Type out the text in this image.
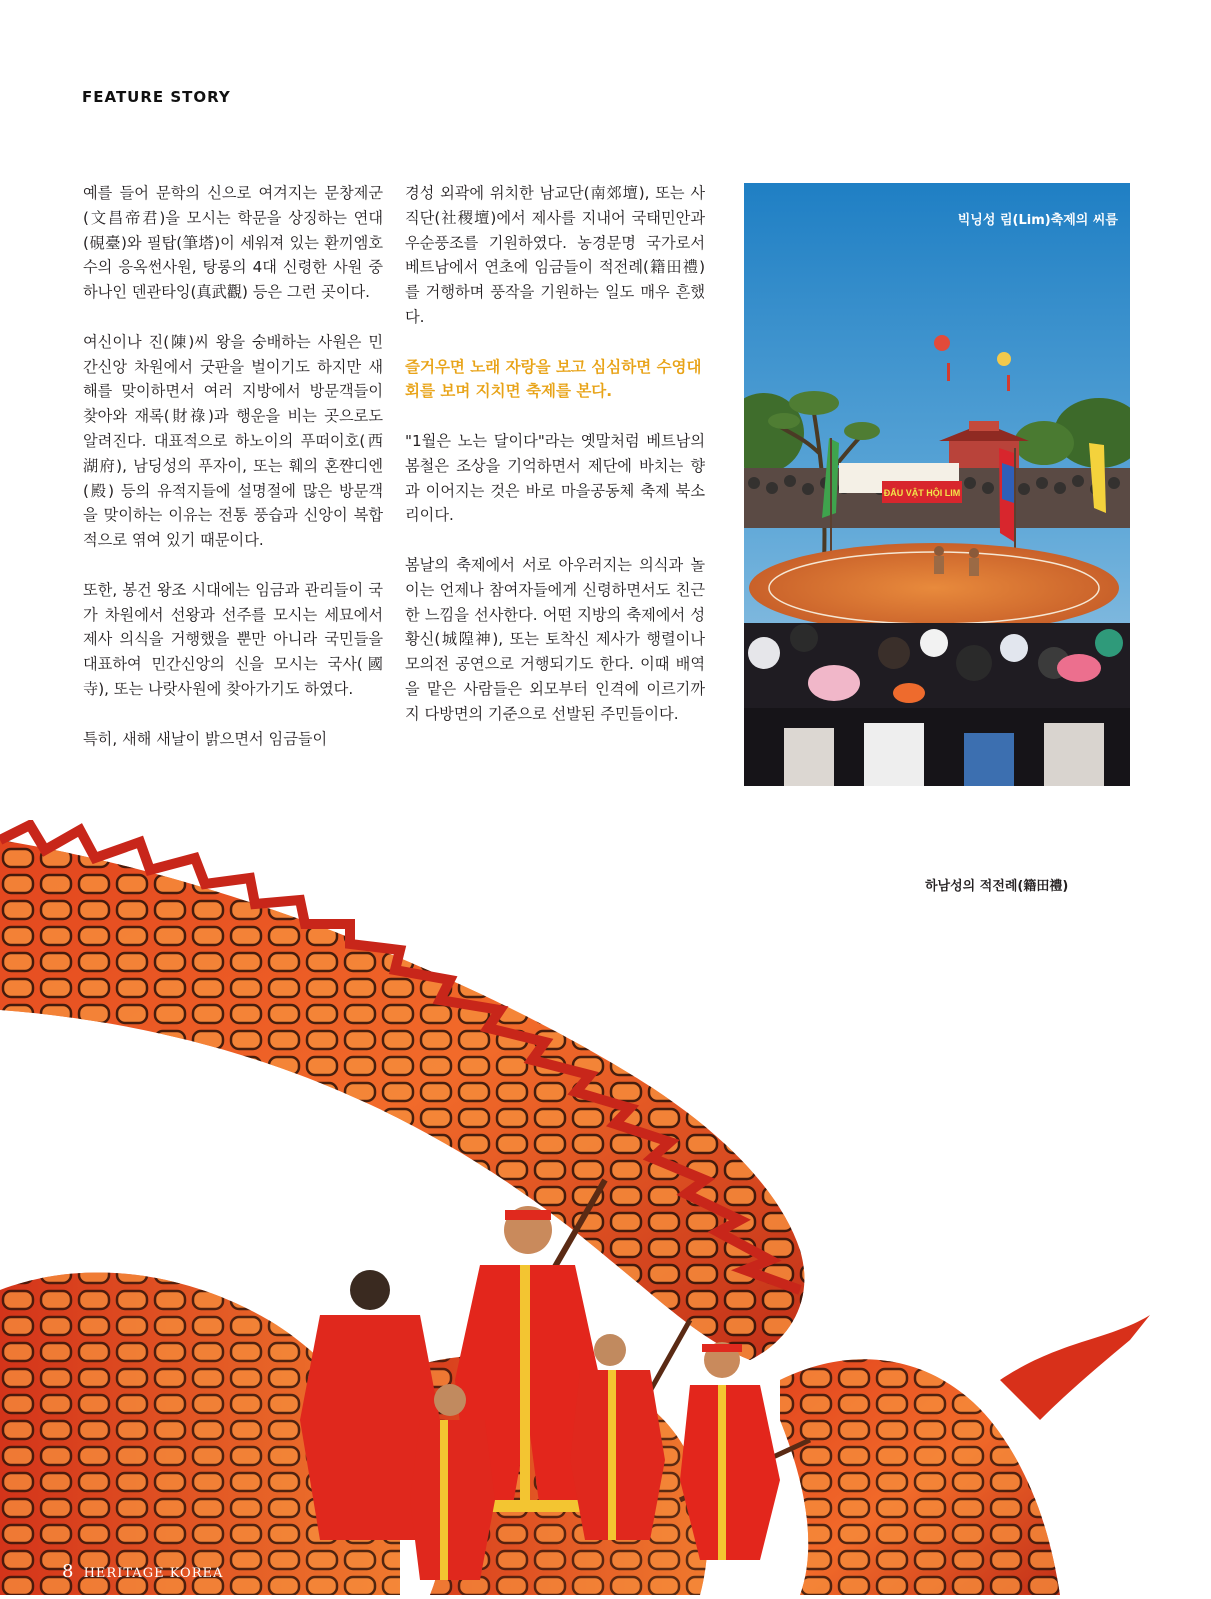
FEATURE STORY

예를 들어 문학의 신으로 여겨지는 문창제군(文昌帝君)을 모시는 학문을 상징하는 연대(硯臺)와 필탑(筆塔)이 세워져 있는 환끼엠호수의 응옥썬사원, 탕롱의 4대 신령한 사원 중 하나인 덴관타잉(真武觀) 등은 그런 곳이다.

여신이나 진(陳)씨 왕을 숭배하는 사원은 민간신앙 차원에서 굿판을 벌이기도 하지만 새해를 맞이하면서 여러 지방에서 방문객들이 찾아와 재록(財祿)과 행운을 비는 곳으로도 알려진다. 대표적으로 하노이의 푸떠이호(西湖府), 남딩성의 푸자이, 또는 훼의 혼쨘디엔(殿) 등의 유적지들에 설명절에 많은 방문객을 맞이하는 이유는 전통 풍습과 신앙이 복합적으로 엮여 있기 때문이다.

또한, 봉건 왕조 시대에는 임금과 관리들이 국가 차원에서 선왕과 선주를 모시는 세묘에서 제사 의식을 거행했을 뿐만 아니라 국민들을 대표하여 민간신앙의 신을 모시는 국사(國寺), 또는 나랏사원에 찾아가기도 하였다.

특히, 새해 새날이 밝으면서 임금들이

경성 외곽에 위치한 남교단(南郊壇), 또는 사직단(社稷壇)에서 제사를 지내어 국태민안과 우순풍조를 기원하였다. 농경문명 국가로서 베트남에서 연초에 임금들이 적전례(籍田禮)를 거행하며 풍작을 기원하는 일도 매우 흔했다.

즐거우면 노래 자랑을 보고 심심하면 수영대회를 보며 지치면 축제를 본다.

"1월은 노는 달이다"라는 옛말처럼 베트남의 봄철은 조상을 기억하면서 제단에 바치는 향과 이어지는 것은 바로 마을공동체 축제 북소리이다.

봄날의 축제에서 서로 아우러지는 의식과 놀이는 언제나 참여자들에게 신령하면서도 친근한 느낌을 선사한다. 어떤 지방의 축제에서 성황신(城隍神), 또는 토착신 제사가 행렬이나 모의전 공연으로 거행되기도 한다. 이때 배역을 맡은 사람들은 외모부터 인격에 이르기까지 다방면의 기준으로 선발된 주민들이다.

ĐẤU VẬT HỘI LIM
빅닝성 림(Lim)축제의 씨름
하남성의 적전례(籍田禮)
8 HERITAGE KOREA
